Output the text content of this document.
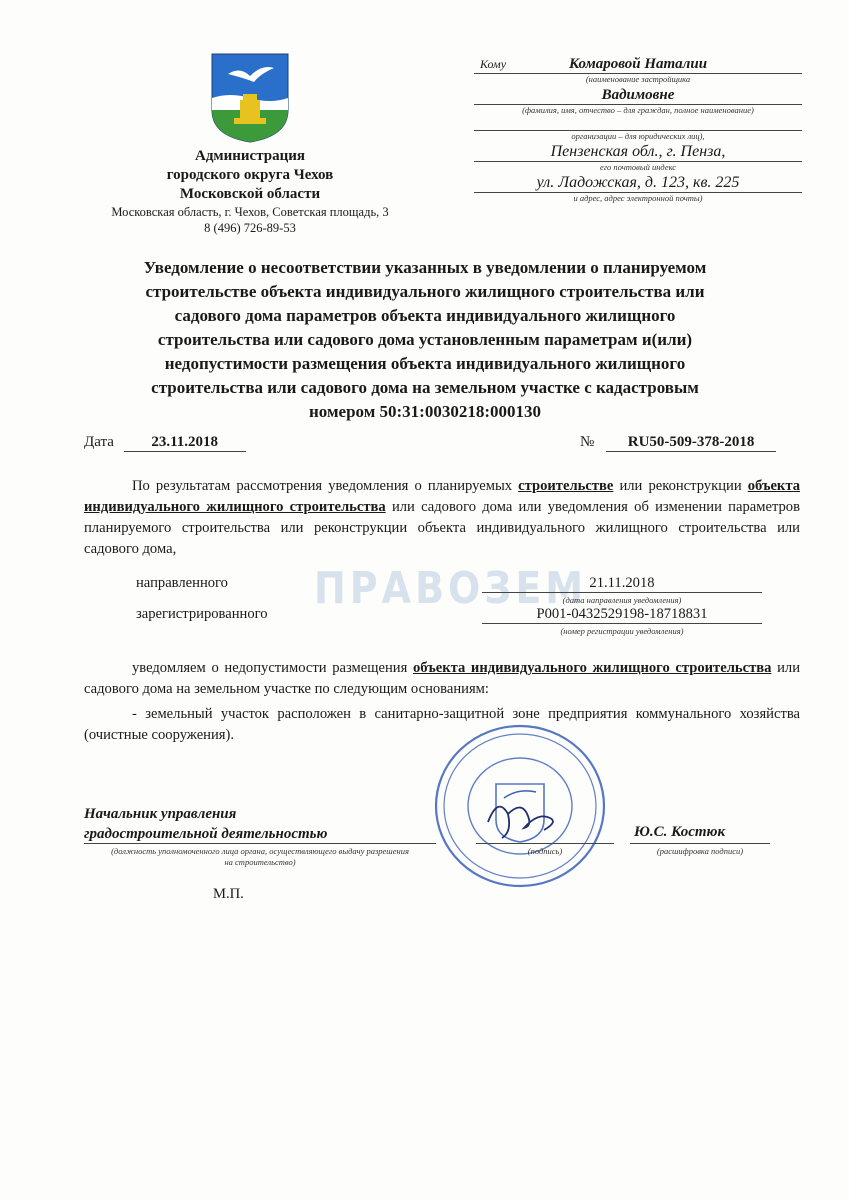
Администрация
городского округа Чехов
Московской области
Московская область, г. Чехов, Советская площадь, 3
8 (496) 726-89-53
Кому	Комаровой Наталии
(наименование застройщика
Вадимовне
(фамилия, имя, отчество – для граждан, полное наименование)
организации – для юридических лиц),
Пензенская обл., г. Пенза,
его почтовый индекс
ул. Ладожская, д. 123, кв. 225
и адрес, адрес электронной почты)
Уведомление о несоответствии указанных в уведомлении о планируемом
строительстве объекта индивидуального жилищного строительства или
садового дома параметров объекта индивидуального жилищного
строительства или садового дома установленным параметрам и(или)
недопустимости размещения объекта индивидуального жилищного
строительства или садового дома на земельном участке с кадастровым
номером 50:31:0030218:000130
Дата 23.11.2018	№ RU50-509-378-2018
По результатам рассмотрения уведомления о планируемых строительстве или реконструкции объекта индивидуального жилищного строительства или садового дома или уведомления об изменении параметров планируемого строительства или реконструкции объекта индивидуального жилищного строительства или садового дома,
ПРАВОЗЕМ
направленного	21.11.2018
(дата направления уведомления)
зарегистрированного	P001-0432529198-18718831
(номер регистрации уведомления)
уведомляем о недопустимости размещения объекта индивидуального жилищного строительства или садового дома на земельном участке по следующим основаниям:
- земельный участок расположен в санитарно-защитной зоне предприятия коммунального хозяйства (очистные сооружения).
Начальник управления
градостроительной деятельностью
(должность уполномоченного лица органа, осуществляющего выдачу разрешения на строительство)
(подпись)
Ю.С. Костюк
(расшифровка подписи)
М.П.
